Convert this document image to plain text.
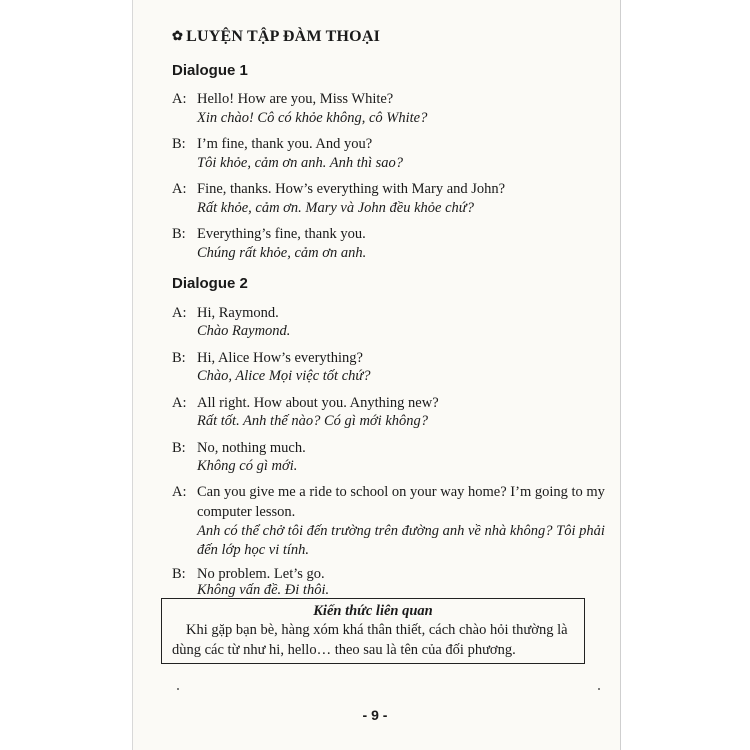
✿ LUYỆN TẬP ĐÀM THOẠI
Dialogue 1
A: Hello! How are you, Miss White?
Xin chào! Cô có khỏe không, cô White?
B: I’m fine, thank you. And you?
Tôi khỏe, cảm ơn anh. Anh thì sao?
A: Fine, thanks. How’s everything with Mary and John?
Rất khỏe, cảm ơn. Mary và John đều khỏe chứ?
B: Everything’s fine, thank you.
Chúng rất khỏe, cảm ơn anh.
Dialogue 2
A: Hi, Raymond.
Chào Raymond.
B: Hi, Alice How’s everything?
Chào, Alice Mọi việc tốt chứ?
A: All right. How about you. Anything new?
Rất tốt. Anh thế nào? Có gì mới không?
B: No, nothing much.
Không có gì mới.
A: Can you give me a ride to school on your way home? I’m going to my
computer lesson.
Anh có thể chở tôi đến trường trên đường anh về nhà không? Tôi phải
đến lớp học vi tính.
B: No problem. Let’s go.
Không vấn đề. Đi thôi.
Kiến thức liên quan
Khi gặp bạn bè, hàng xóm khá thân thiết, cách chào hỏi thường là dùng các từ như hi, hello… theo sau là tên của đối phương.
- 9 -
